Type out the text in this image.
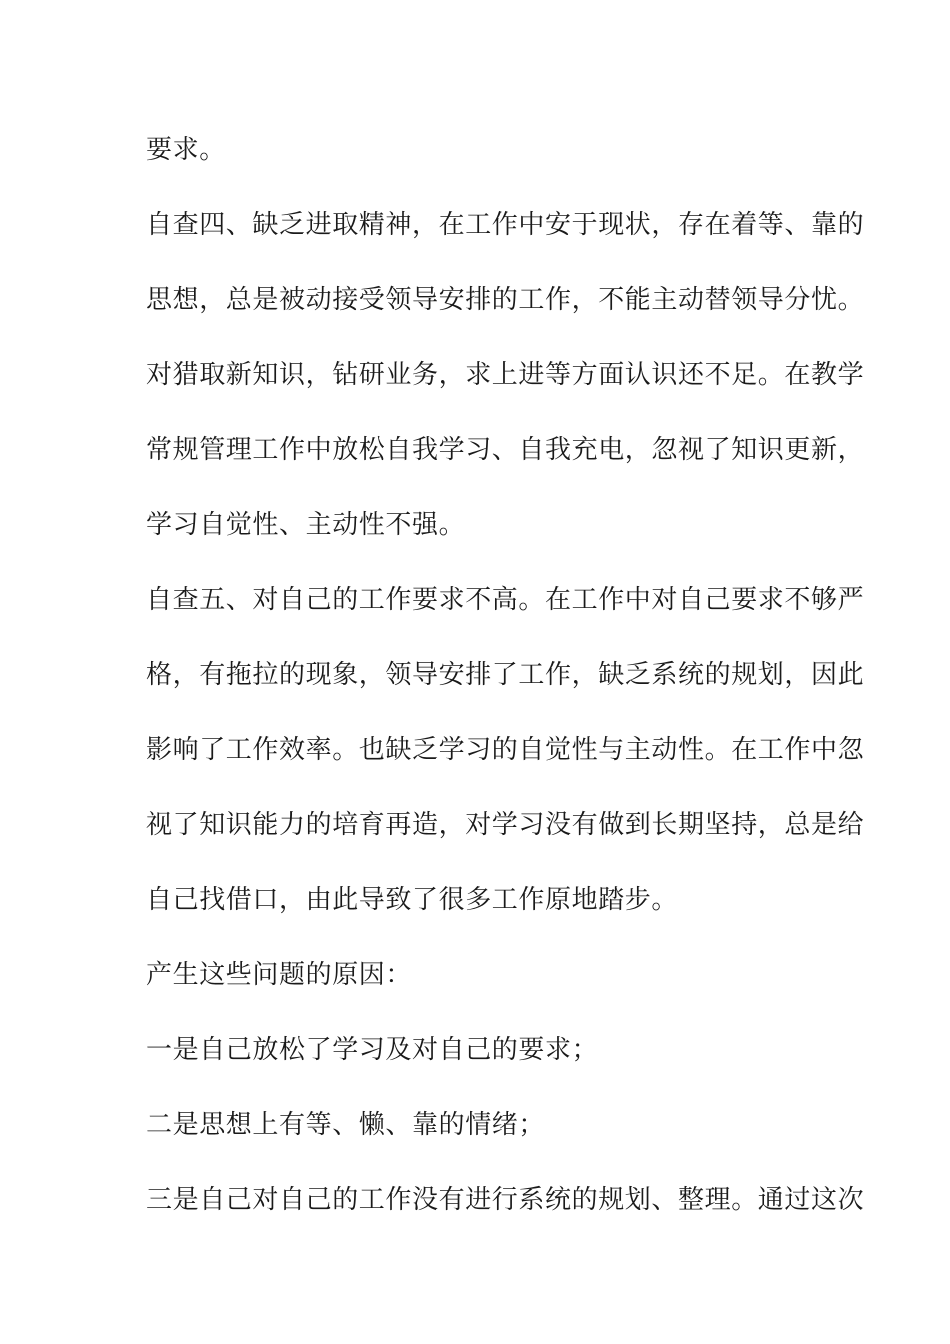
要求。
自查四、缺乏进取精神，在工作中安于现状，存在着等、靠的
思想，总是被动接受领导安排的工作，不能主动替领导分忧。
对猎取新知识，钻研业务，求上进等方面认识还不足。在教学
常规管理工作中放松自我学习、自我充电，忽视了知识更新，
学习自觉性、主动性不强。
自查五、对自己的工作要求不高。在工作中对自己要求不够严
格，有拖拉的现象，领导安排了工作，缺乏系统的规划，因此
影响了工作效率。也缺乏学习的自觉性与主动性。在工作中忽
视了知识能力的培育再造，对学习没有做到长期坚持，总是给
自己找借口，由此导致了很多工作原地踏步。
产生这些问题的原因：
一是自己放松了学习及对自己的要求；
二是思想上有等、懒、靠的情绪；
三是自己对自己的工作没有进行系统的规划、整理。通过这次
